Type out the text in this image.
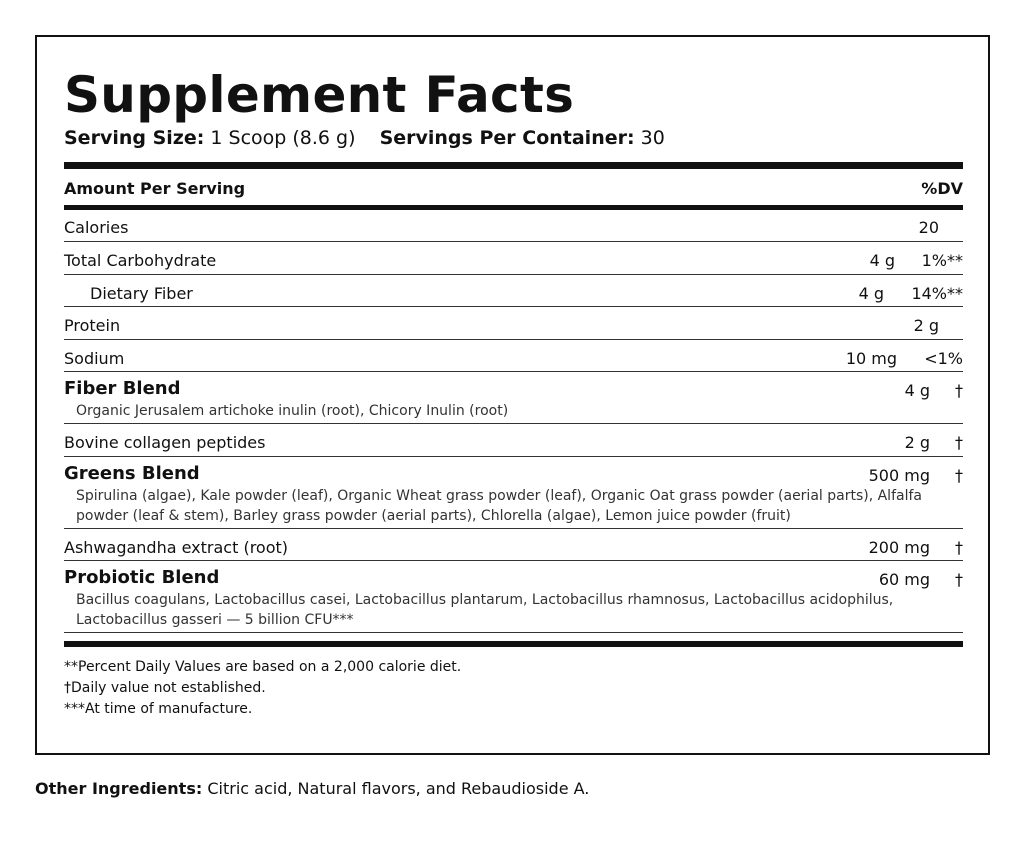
Supplement Facts
Serving Size: 1 Scoop (8.6 g) Servings Per Container: 30
Amount Per Serving	%DV
Calories	20
Total Carbohydrate	4 g 1%**
Dietary Fiber	4 g 14%**
Protein	2 g
Sodium	10 mg <1%
Fiber Blend	4 g †
Organic Jerusalem artichoke inulin (root), Chicory Inulin (root)
Bovine collagen peptides	2 g †
Greens Blend	500 mg †
Spirulina (algae), Kale powder (leaf), Organic Wheat grass powder (leaf), Organic Oat grass powder (aerial parts), Alfalfa powder (leaf & stem), Barley grass powder (aerial parts), Chlorella (algae), Lemon juice powder (fruit)
Ashwagandha extract (root)	200 mg †
Probiotic Blend	60 mg †
Bacillus coagulans, Lactobacillus casei, Lactobacillus plantarum, Lactobacillus rhamnosus, Lactobacillus acidophilus, Lactobacillus gasseri — 5 billion CFU***
**Percent Daily Values are based on a 2,000 calorie diet.
†Daily value not established.
***At time of manufacture.
Other Ingredients: Citric acid, Natural flavors, and Rebaudioside A.
